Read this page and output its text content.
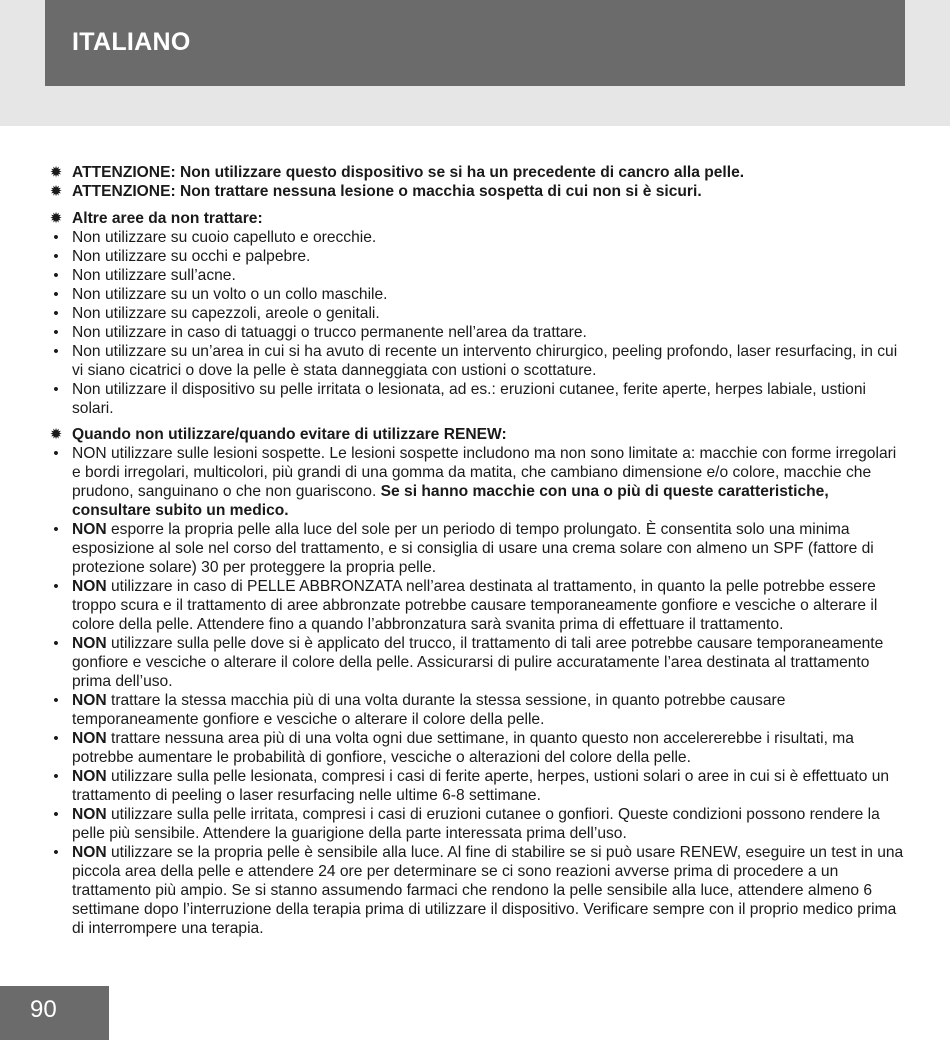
ITALIANO
✹ ATTENZIONE: Non utilizzare questo dispositivo se si ha un precedente di cancro alla pelle.
✹ ATTENZIONE: Non trattare nessuna lesione o macchia sospetta di cui non si è sicuri.
✹ Altre aree da non trattare:
• Non utilizzare su cuoio capelluto e orecchie.
• Non utilizzare su occhi e palpebre.
• Non utilizzare sull’acne.
• Non utilizzare su un volto o un collo maschile.
• Non utilizzare su capezzoli, areole o genitali.
• Non utilizzare in caso di tatuaggi o trucco permanente nell’area da trattare.
• Non utilizzare su un’area in cui si ha avuto di recente un intervento chirurgico, peeling profondo, laser resurfacing, in cui vi siano cicatrici o dove la pelle è stata danneggiata con ustioni o scottature.
• Non utilizzare il dispositivo su pelle irritata o lesionata, ad es.: eruzioni cutanee, ferite aperte, herpes labiale, ustioni solari.
✹ Quando non utilizzare/quando evitare di utilizzare RENEW:
• NON utilizzare sulle lesioni sospette. Le lesioni sospette includono ma non sono limitate a: macchie con forme irregolari e bordi irregolari, multicolori, più grandi di una gomma da matita, che cambiano dimensione e/o colore, macchie che prudono, sanguinano o che non guariscono. Se si hanno macchie con una o più di queste caratteristiche, consultare subito un medico.
• NON esporre la propria pelle alla luce del sole per un periodo di tempo prolungato. È consentita solo una minima esposizione al sole nel corso del trattamento, e si consiglia di usare una crema solare con almeno un SPF (fattore di protezione solare) 30 per proteggere la propria pelle.
• NON utilizzare in caso di PELLE ABBRONZATA nell’area destinata al trattamento, in quanto la pelle potrebbe essere troppo scura e il trattamento di aree abbronzate potrebbe causare temporaneamente gonfiore e vesciche o alterare il colore della pelle. Attendere fino a quando l’abbronzatura sarà svanita prima di effettuare il trattamento.
• NON utilizzare sulla pelle dove si è applicato del trucco, il trattamento di tali aree potrebbe causare temporaneamente gonfiore e vesciche o alterare il colore della pelle. Assicurarsi di pulire accuratamente l’area destinata al trattamento prima dell’uso.
• NON trattare la stessa macchia più di una volta durante la stessa sessione, in quanto potrebbe causare temporaneamente gonfiore e vesciche o alterare il colore della pelle.
• NON trattare nessuna area più di una volta ogni due settimane, in quanto questo non accelererebbe i risultati, ma potrebbe aumentare le probabilità di gonfiore, vesciche o alterazioni del colore della pelle.
• NON utilizzare sulla pelle lesionata, compresi i casi di ferite aperte, herpes, ustioni solari o aree in cui si è effettuato un trattamento di peeling o laser resurfacing nelle ultime 6-8 settimane.
• NON utilizzare sulla pelle irritata, compresi i casi di eruzioni cutanee o gonfiori. Queste condizioni possono rendere la pelle più sensibile. Attendere la guarigione della parte interessata prima dell’uso.
• NON utilizzare se la propria pelle è sensibile alla luce. Al fine di stabilire se si può usare RENEW, eseguire un test in una piccola area della pelle e attendere 24 ore per determinare se ci sono reazioni avverse prima di procedere a un trattamento più ampio. Se si stanno assumendo farmaci che rendono la pelle sensibile alla luce, attendere almeno 6 settimane dopo l’interruzione della terapia prima di utilizzare il dispositivo. Verificare sempre con il proprio medico prima di interrompere una terapia.
90
